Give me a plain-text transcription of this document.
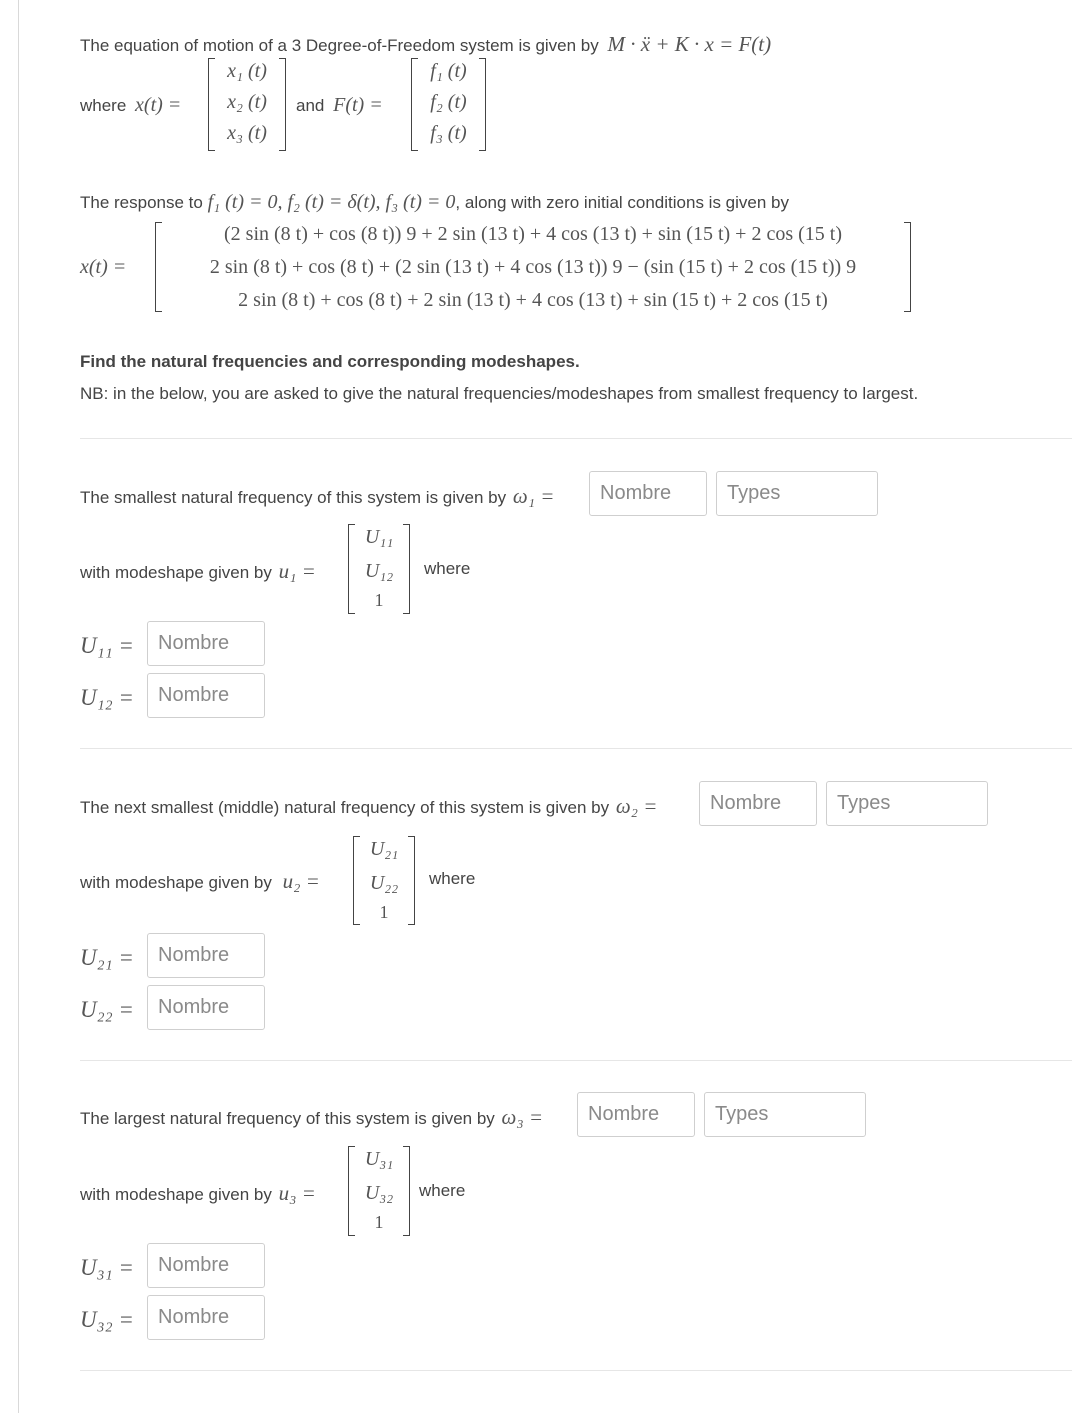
The equation of motion of a 3 Degree-of-Freedom system is given by M · ẍ + K · x = F(t)
where x(t) =
x₁ (t)
x₂ (t)
x₃ (t)
and F(t) =
f₁ (t)
f₂ (t)
f₃ (t)
The response to f₁ (t) = 0, f₂ (t) = δ(t), f₃ (t) = 0, along with zero initial conditions is given by
x(t) =
(2 sin (8 t) + cos (8 t)) 9 + 2 sin (13 t) + 4 cos (13 t) + sin (15 t) + 2 cos (15 t)
2 sin (8 t) + cos (8 t) + (2 sin (13 t) + 4 cos (13 t)) 9 − (sin (15 t) + 2 cos (15 t)) 9
2 sin (8 t) + cos (8 t) + 2 sin (13 t) + 4 cos (13 t) + sin (15 t) + 2 cos (15 t)
Find the natural frequencies and corresponding modeshapes.
NB: in the below, you are asked to give the natural frequencies/modeshapes from smallest frequency to largest.
The smallest natural frequency of this system is given by ω₁ =
Nombre
Types
with modeshape given by u₁ =
U₁₁
U₁₂
1
where
U₁₁ =
Nombre
U₁₂ =
Nombre
The next smallest (middle) natural frequency of this system is given by ω₂ =
Nombre
Types
with modeshape given by u₂ =
U₂₁
U₂₂
1
where
U₂₁ =
Nombre
U₂₂ =
Nombre
The largest natural frequency of this system is given by ω₃ =
Nombre
Types
with modeshape given by u₃ =
U₃₁
U₃₂
1
where
U₃₁ =
Nombre
U₃₂ =
Nombre
